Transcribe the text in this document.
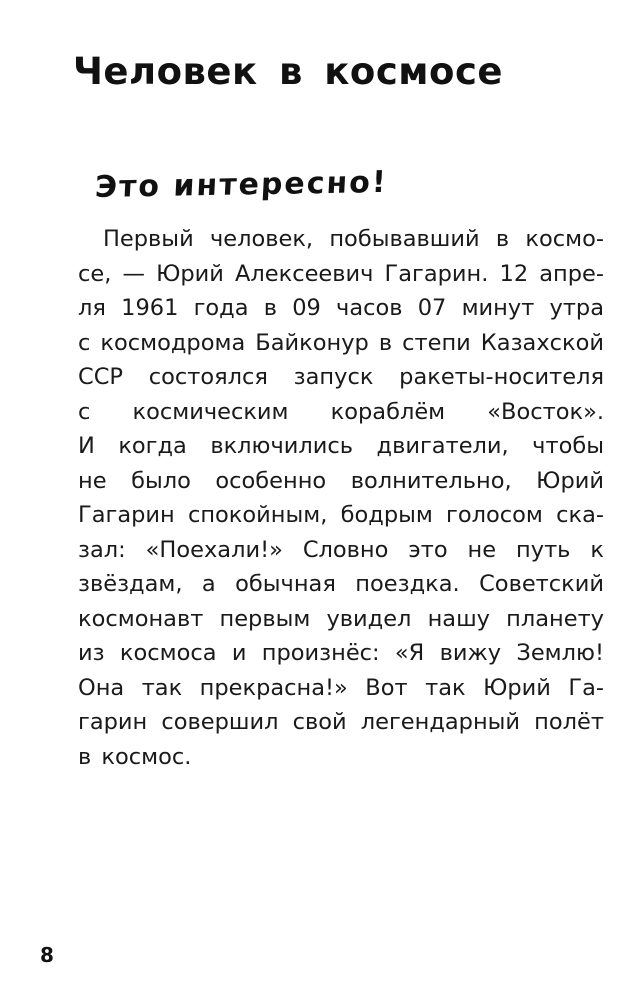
Человек в космосе
Это интересно!
Первый человек, побывавший в космо-
се, — Юрий Алексеевич Гагарин. 12 апре-
ля 1961 года в 09 часов 07 минут утра
с космодрома Байконур в степи Казахской
ССР состоялся запуск ракеты-носителя
с космическим кораблём «Восток».
И когда включились двигатели, чтобы
не было особенно волнительно, Юрий
Гагарин спокойным, бодрым голосом ска-
зал: «Поехали!» Словно это не путь к
звёздам, а обычная поездка. Советский
космонавт первым увидел нашу планету
из космоса и произнёс: «Я вижу Землю!
Она так прекрасна!» Вот так Юрий Га-
гарин совершил свой легендарный полёт
в космос.
8
